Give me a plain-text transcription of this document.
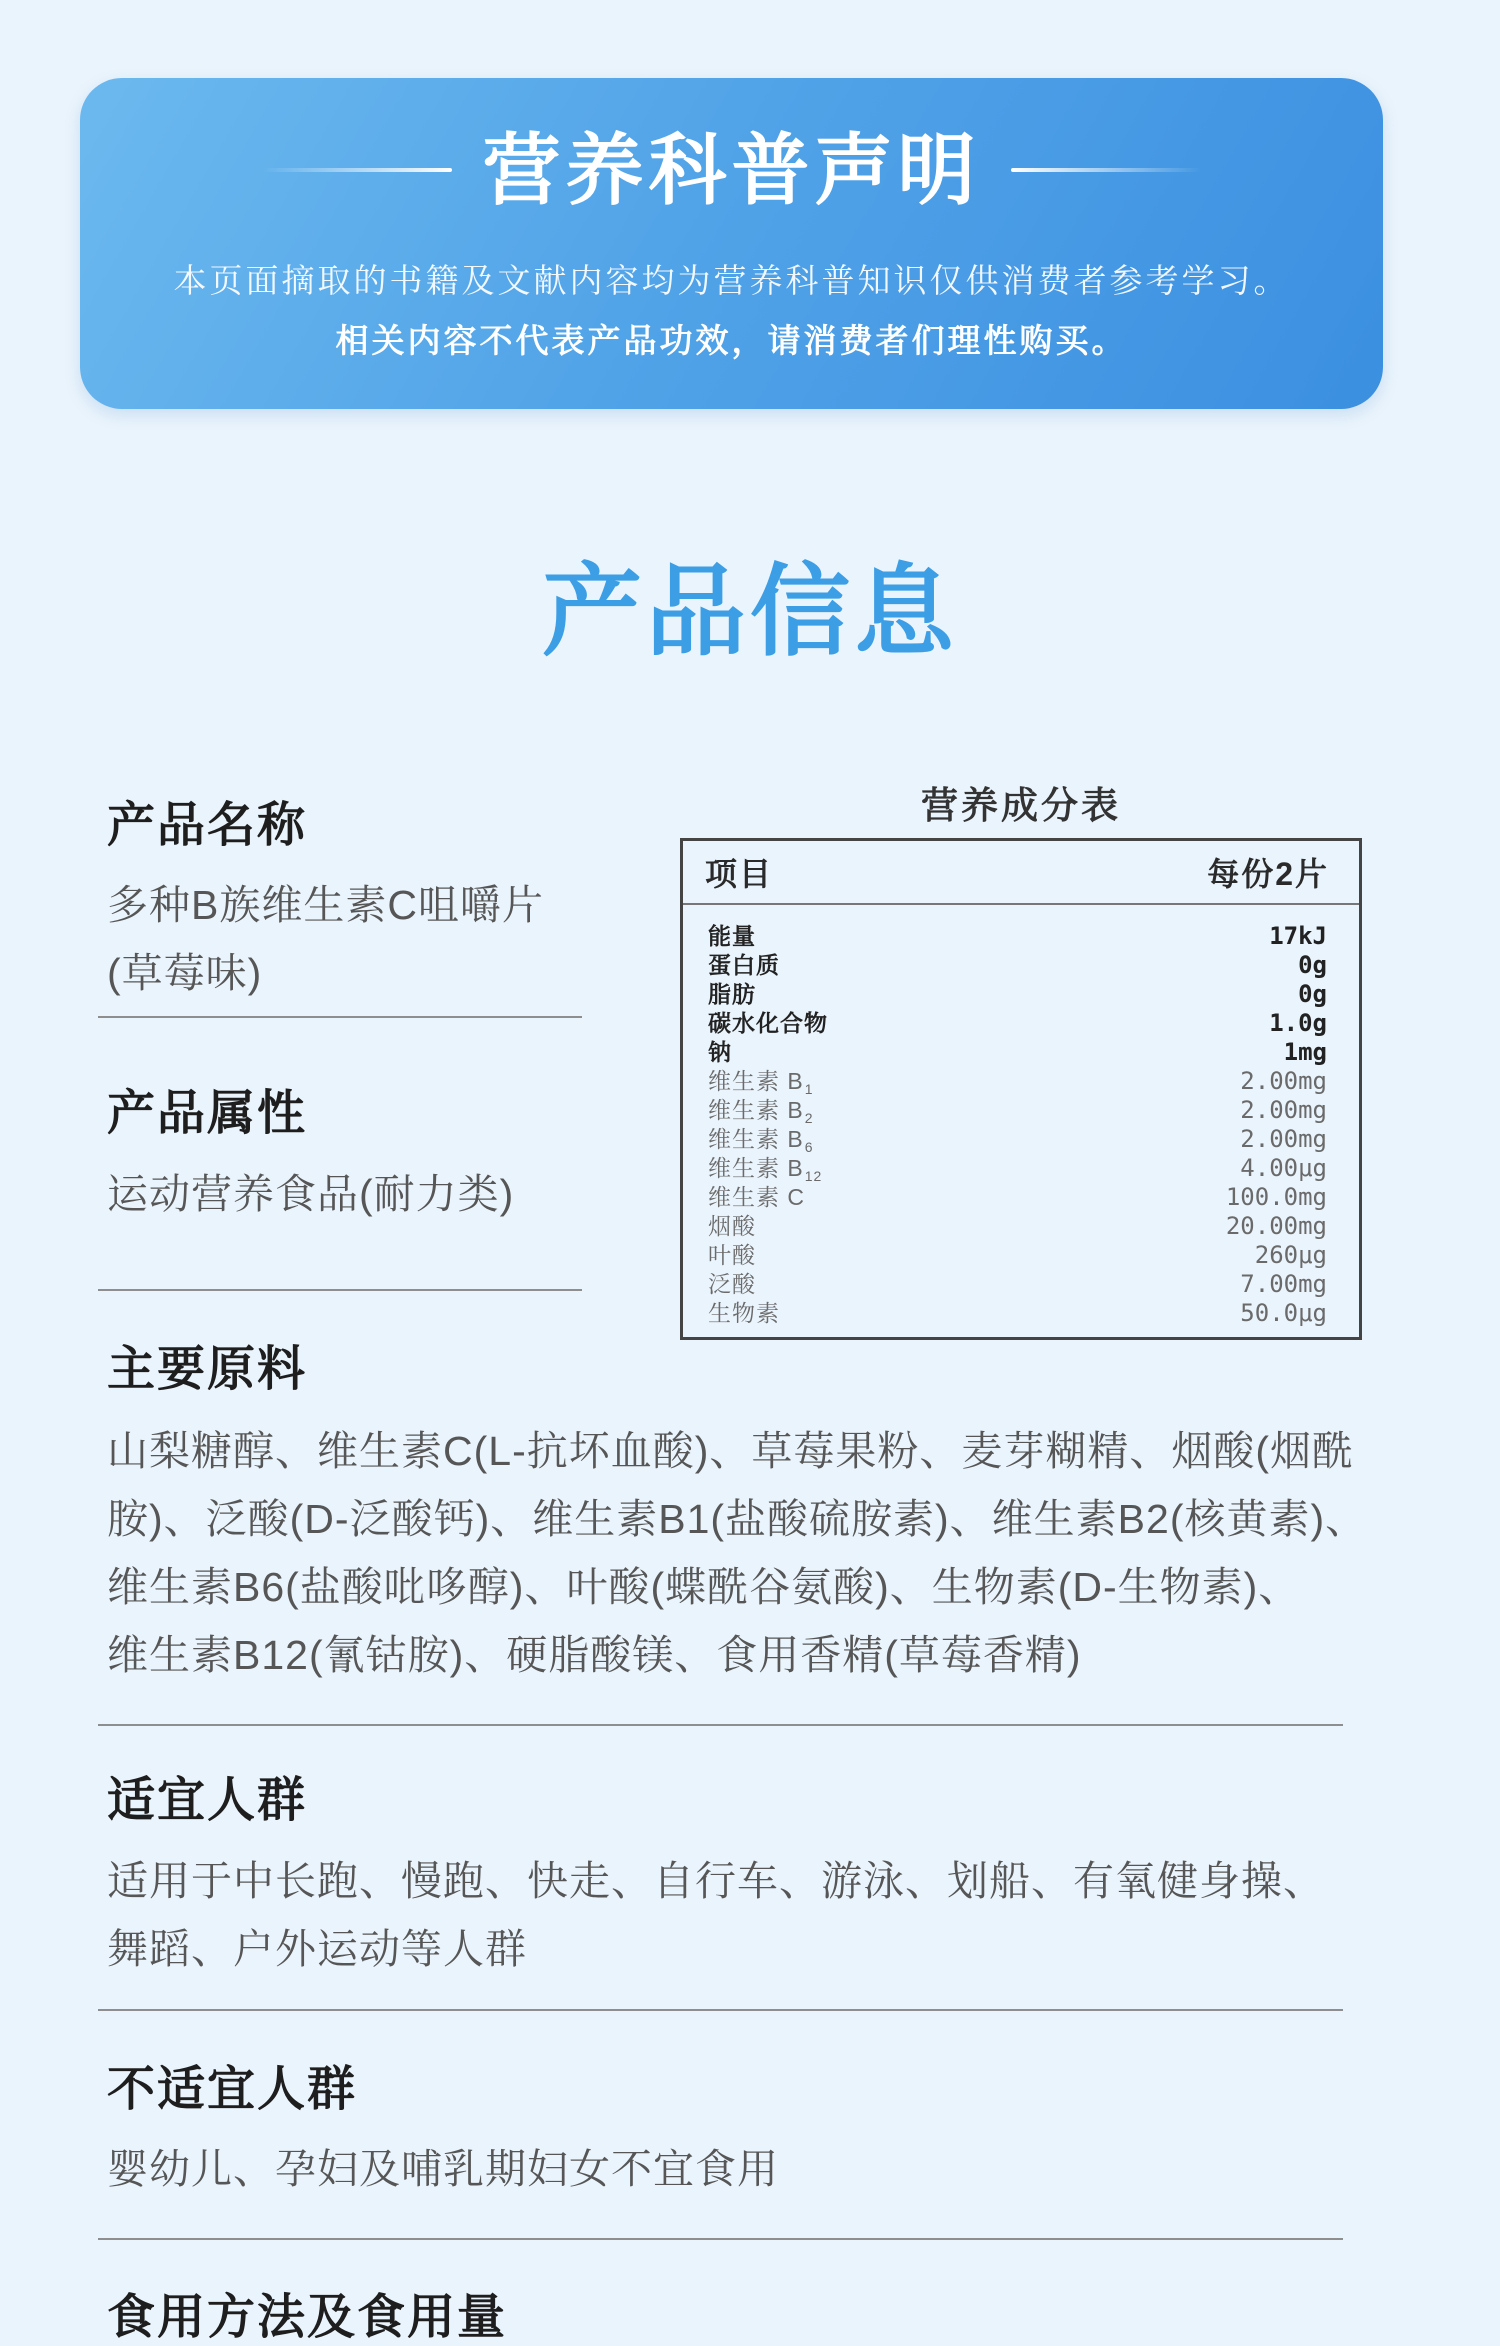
营养科普声明
本页面摘取的书籍及文献内容均为营养科普知识仅供消费者参考学习。
相关内容不代表产品功效，请消费者们理性购买。
产品信息
产品名称
多种B族维生素C咀嚼片
(草莓味)
产品属性
运动营养食品(耐力类)
营养成分表
项目	每份2片
能量	17kJ
蛋白质	0g
脂肪	0g
碳水化合物	1.0g
钠	1mg
维生素 $B_1$	2.00mg
维生素 $B_2$	2.00mg
维生素 $B_6$	2.00mg
维生素 $B_{12}$	4.00μg
维生素 C	100.0mg
烟酸	20.00mg
叶酸	260μg
泛酸	7.00mg
生物素	50.0μg
主要原料
山梨糖醇、维生素C(L-抗坏血酸)、草莓果粉、麦芽糊精、烟酸(烟酰
胺)、泛酸(D-泛酸钙)、维生素B1(盐酸硫胺素)、维生素B2(核黄素)、
维生素B6(盐酸吡哆醇)、叶酸(蝶酰谷氨酸)、生物素(D-生物素)、
维生素B12(氰钴胺)、硬脂酸镁、食用香精(草莓香精)
适宜人群
适用于中长跑、慢跑、快走、自行车、游泳、划船、有氧健身操、
舞蹈、户外运动等人群
不适宜人群
婴幼儿、孕妇及哺乳期妇女不宜食用
食用方法及食用量
